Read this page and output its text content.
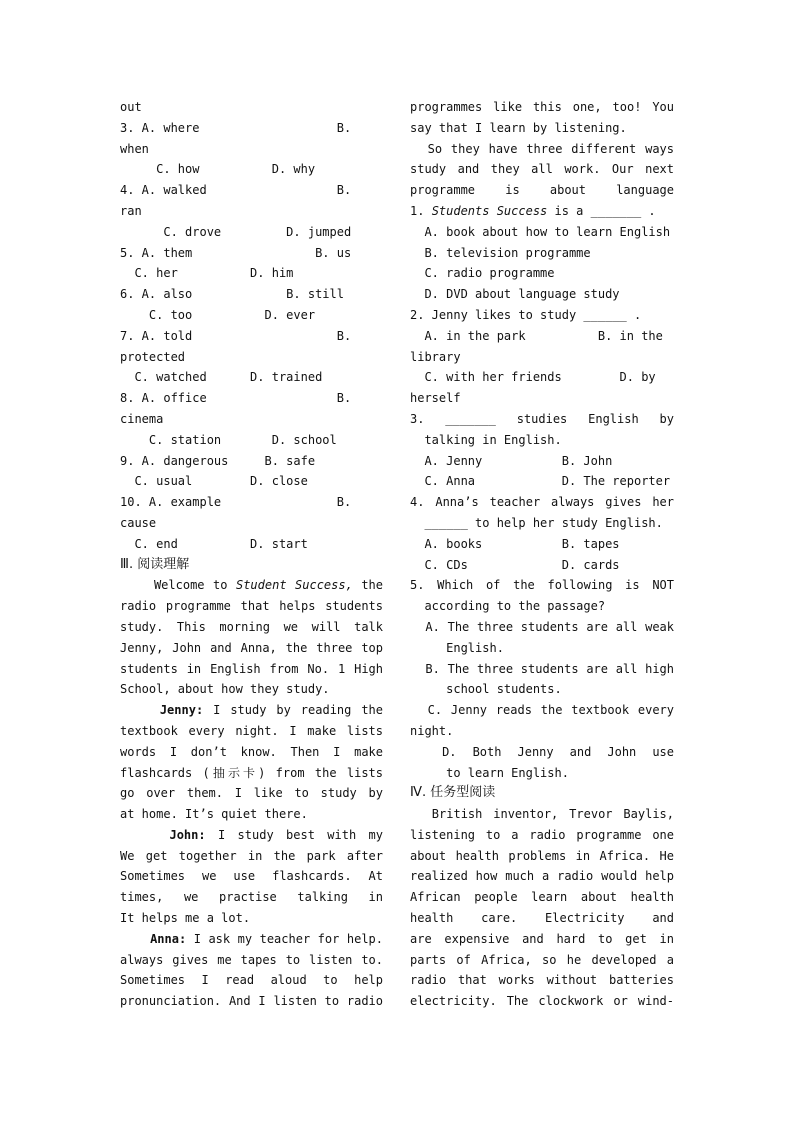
out
3. A. where                   B.
when
C. how          D. why
4. A. walked                  B.
ran
C. drove         D. jumped
5. A. them                 B. us
C. her          D. him
6. A. also             B. still
C. too          D. ever
7. A. told                    B.
protected
C. watched      D. trained
8. A. office                  B.
cinema
C. station       D. school
9. A. dangerous     B. safe
C. usual        D. close
10. A. example                B.
cause
C. end          D. start
Ⅲ. 阅读理解
Welcome to Student Success, the
radio programme that helps students
study. This morning we will talk
Jenny, John and Anna, the three top
students in English from No. 1 High
School, about how they study.
Jenny: I study by reading the
textbook every night. I make lists
words I don’t know. Then I make
flashcards (抽示卡) from the lists
go over them. I like to study by
at home. It’s quiet there.
John: I study best with my
We get together in the park after
Sometimes we use flashcards. At
times, we practise talking in
It helps me a lot.
Anna: I ask my teacher for help.
always gives me tapes to listen to.
Sometimes I read aloud to help
pronunciation. And I listen to radio
programmes like this one, too! You
say that I learn by listening.
So they have three different ways
study and they all work. Our next
programme is about language
1. Students Success is a _______ .
A. book about how to learn English
B. television programme
C. radio programme
D. DVD about language study
2. Jenny likes to study ______ .
A. in the park          B. in the
library
C. with her friends        D. by
herself
3. _______ studies English by
talking in English.
A. Jenny           B. John
C. Anna            D. The reporter
4. Anna’s teacher always gives her
______ to help her study English.
A. books           B. tapes
C. CDs             D. cards
5. Which of the following is NOT
according to the passage?
A. The three students are all weak
English.
B. The three students are all high
school students.
C. Jenny reads the textbook every
night.
D. Both Jenny and John use
to learn English.
Ⅳ. 任务型阅读
British inventor, Trevor Baylis,
listening to a radio programme one
about health problems in Africa. He
realized how much a radio would help
African people learn about health
health care. Electricity and
are expensive and hard to get in
parts of Africa, so he developed a
radio that works without batteries
electricity. The clockwork or wind-
